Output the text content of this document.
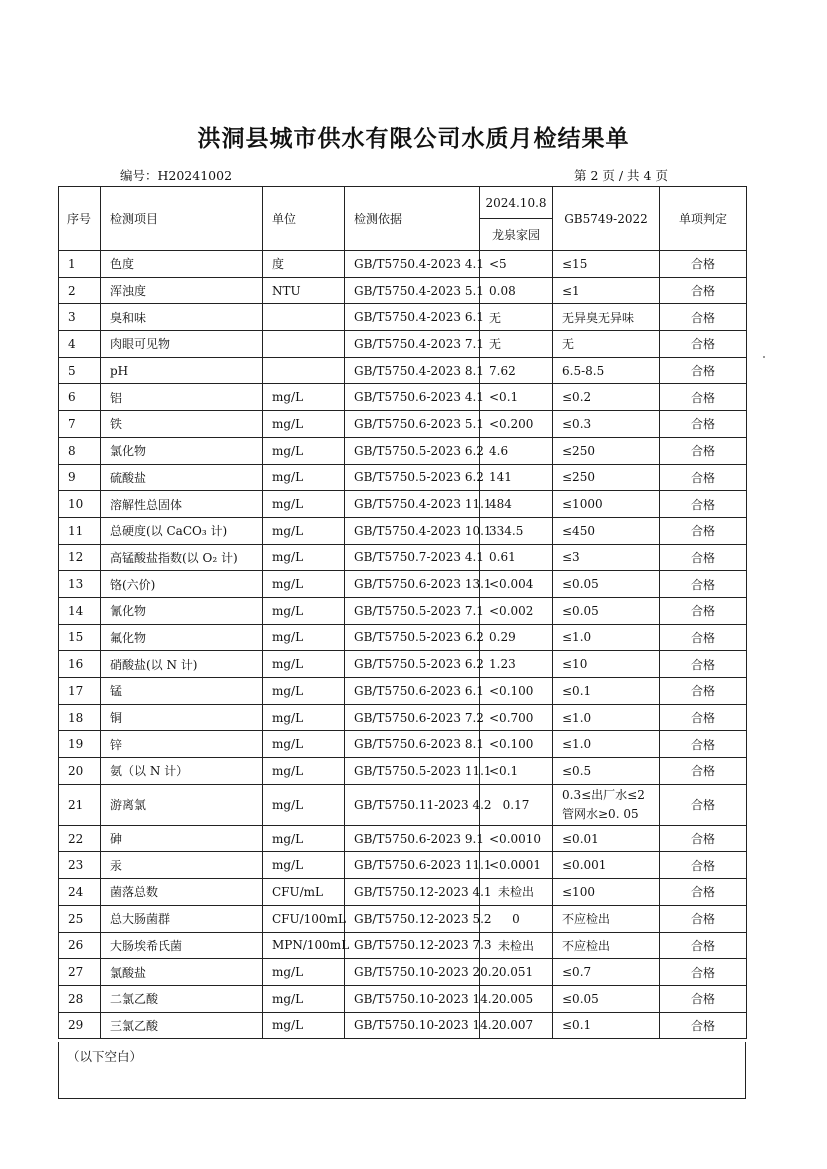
洪洞县城市供水有限公司水质月检结果单
编号：H20241002	第 2 页 / 共 4 页
序号	检测项目	单位	检测依据	2024.10.8	GB5749-2022	单项判定
				龙泉家园		
1	色度	度	GB/T5750.4-2023 4.1	<5	≤15	合格
2	浑浊度	NTU	GB/T5750.4-2023 5.1	0.08	≤1	合格
3	臭和味		GB/T5750.4-2023 6.1	无	无异臭无异味	合格
4	肉眼可见物		GB/T5750.4-2023 7.1	无	无	合格
5	pH		GB/T5750.4-2023 8.1	7.62	6.5-8.5	合格
6	铝	mg/L	GB/T5750.6-2023 4.1	<0.1	≤0.2	合格
7	铁	mg/L	GB/T5750.6-2023 5.1	<0.200	≤0.3	合格
8	氯化物	mg/L	GB/T5750.5-2023 6.2	4.6	≤250	合格
9	硫酸盐	mg/L	GB/T5750.5-2023 6.2	141	≤250	合格
10	溶解性总固体	mg/L	GB/T5750.4-2023 11.1	484	≤1000	合格
11	总硬度(以 CaCO₃ 计)	mg/L	GB/T5750.4-2023 10.1	334.5	≤450	合格
12	高锰酸盐指数(以 O₂ 计)	mg/L	GB/T5750.7-2023 4.1	0.61	≤3	合格
13	铬(六价)	mg/L	GB/T5750.6-2023 13.1	<0.004	≤0.05	合格
14	氰化物	mg/L	GB/T5750.5-2023 7.1	<0.002	≤0.05	合格
15	氟化物	mg/L	GB/T5750.5-2023 6.2	0.29	≤1.0	合格
16	硝酸盐(以 N 计)	mg/L	GB/T5750.5-2023 6.2	1.23	≤10	合格
17	锰	mg/L	GB/T5750.6-2023 6.1	<0.100	≤0.1	合格
18	铜	mg/L	GB/T5750.6-2023 7.2	<0.700	≤1.0	合格
19	锌	mg/L	GB/T5750.6-2023 8.1	<0.100	≤1.0	合格
20	氨（以 N 计）	mg/L	GB/T5750.5-2023 11.1	<0.1	≤0.5	合格
21	游离氯	mg/L	GB/T5750.11-2023 4.2	0.17	0.3≤出厂水≤2
管网水≥0. 05	合格
22	砷	mg/L	GB/T5750.6-2023 9.1	<0.0010	≤0.01	合格
23	汞	mg/L	GB/T5750.6-2023 11.1	<0.0001	≤0.001	合格
24	菌落总数	CFU/mL	GB/T5750.12-2023 4.1	未检出	≤100	合格
25	总大肠菌群	CFU/100mL	GB/T5750.12-2023 5.2	0	不应检出	合格
26	大肠埃希氏菌	MPN/100mL	GB/T5750.12-2023 7.3	未检出	不应检出	合格
27	氯酸盐	mg/L	GB/T5750.10-2023 20.2	0.051	≤0.7	合格
28	二氯乙酸	mg/L	GB/T5750.10-2023 14.2	0.005	≤0.05	合格
29	三氯乙酸	mg/L	GB/T5750.10-2023 14.2	0.007	≤0.1	合格
（以下空白）
